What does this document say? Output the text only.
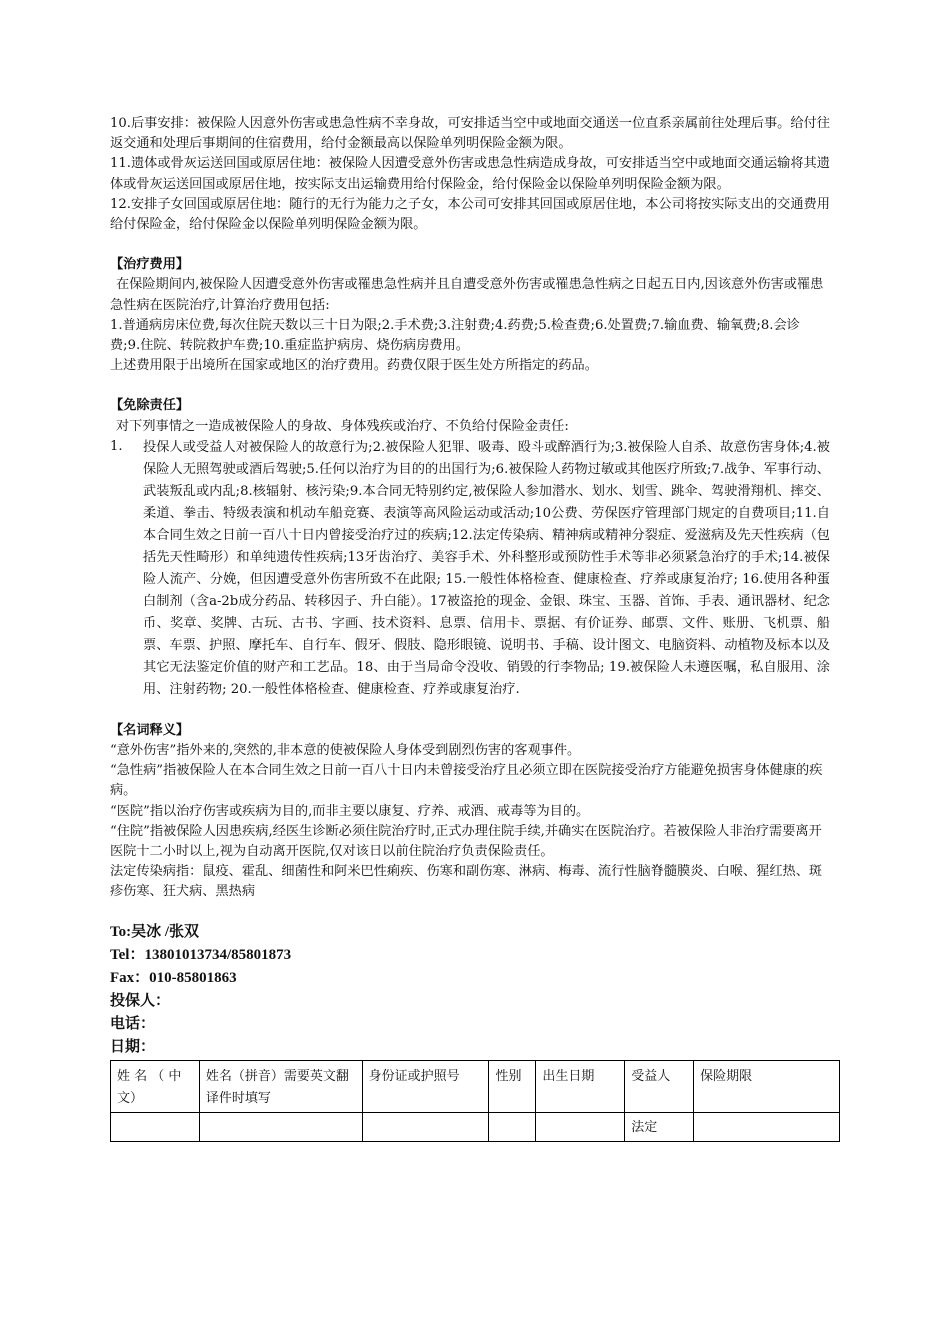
10.后事安排：被保险人因意外伤害或患急性病不幸身故，可安排适当空中或地面交通送一位直系亲属前往处理后事。给付往返交通和处理后事期间的住宿费用，给付金额最高以保险单列明保险金额为限。

11.遗体或骨灰运送回国或原居住地：被保险人因遭受意外伤害或患急性病造成身故，可安排适当空中或地面交通运输将其遗体或骨灰运送回国或原居住地，按实际支出运输费用给付保险金，给付保险金以保险单列明保险金额为限。

12.安排子女回国或原居住地：随行的无行为能力之子女，本公司可安排其回国或原居住地，本公司将按实际支出的交通费用给付保险金，给付保险金以保险单列明保险金额为限。

【治疗费用】

在保险期间内,被保险人因遭受意外伤害或罹患急性病并且自遭受意外伤害或罹患急性病之日起五日内,因该意外伤害或罹患急性病在医院治疗,计算治疗费用包括:

1.普通病房床位费,每次住院天数以三十日为限;2.手术费;3.注射费;4.药费;5.检查费;6.处置费;7.输血费、输氧费;8.会诊费;9.住院、转院救护车费;10.重症监护病房、烧伤病房费用。

上述费用限于出境所在国家或地区的治疗费用。药费仅限于医生处方所指定的药品。

【免除责任】

对下列事情之一造成被保险人的身故、身体残疾或治疗、不负给付保险金责任:

1.	投保人或受益人对被保险人的故意行为;2.被保险人犯罪、吸毒、殴斗或醉酒行为;3.被保险人自杀、故意伤害身体;4.被保险人无照驾驶或酒后驾驶;5.任何以治疗为目的的出国行为;6.被保险人药物过敏或其他医疗所致;7.战争、军事行动、武装叛乱或内乱;8.核辐射、核污染;9.本合同无特别约定,被保险人参加潜水、划水、划雪、跳伞、驾驶滑翔机、摔交、柔道、拳击、特级表演和机动车船竞赛、表演等高风险运动或活动;10公费、劳保医疗管理部门规定的自费项目;11.自本合同生效之日前一百八十日内曾接受治疗过的疾病;12.法定传染病、精神病或精神分裂症、爱滋病及先天性疾病（包括先天性畸形）和单纯遗传性疾病;13牙齿治疗、美容手术、外科整形或预防性手术等非必须紧急治疗的手术;14.被保险人流产、分娩，但因遭受意外伤害所致不在此限; 15.一般性体格检查、健康检查、疗养或康复治疗; 16.使用各种蛋白制剂（含a-2b成分药品、转移因子、升白能）。17被盗抢的现金、金银、珠宝、玉器、首饰、手表、通讯器材、纪念币、奖章、奖牌、古玩、古书、字画、技术资料、息票、信用卡、票据、有价证券、邮票、文件、账册、飞机票、船票、车票、护照、摩托车、自行车、假牙、假肢、隐形眼镜、说明书、手稿、设计图文、电脑资料、动植物及标本以及其它无法鉴定价值的财产和工艺品。18、由于当局命令没收、销毁的行李物品; 19.被保险人未遵医嘱，私自服用、涂用、注射药物; 20.一般性体格检查、健康检查、疗养或康复治疗.

【名词释义】

“意外伤害”指外来的,突然的,非本意的使被保险人身体受到剧烈伤害的客观事件。

“急性病”指被保险人在本合同生效之日前一百八十日内未曾接受治疗且必须立即在医院接受治疗方能避免损害身体健康的疾病。

“医院”指以治疗伤害或疾病为目的,而非主要以康复、疗养、戒酒、戒毒等为目的。

“住院”指被保险人因患疾病,经医生诊断必须住院治疗时,正式办理住院手续,并确实在医院治疗。若被保险人非治疗需要离开医院十二小时以上,视为自动离开医院,仅对该日以前住院治疗负责保险责任。

法定传染病指：鼠疫、霍乱、细菌性和阿米巴性痢疾、伤寒和副伤寒、淋病、梅毒、流行性脑脊髓膜炎、白喉、猩红热、斑疹伤寒、狂犬病、黑热病

To:吴冰 /张双

Tel：13801013734/85801873

Fax：010-85801863

投保人：

电话：

日期：

姓 名 （ 中 文）	姓名（拼音）需要英文翻译件时填写	身份证或护照号	性别	出生日期	受益人	保险期限
					法定	
